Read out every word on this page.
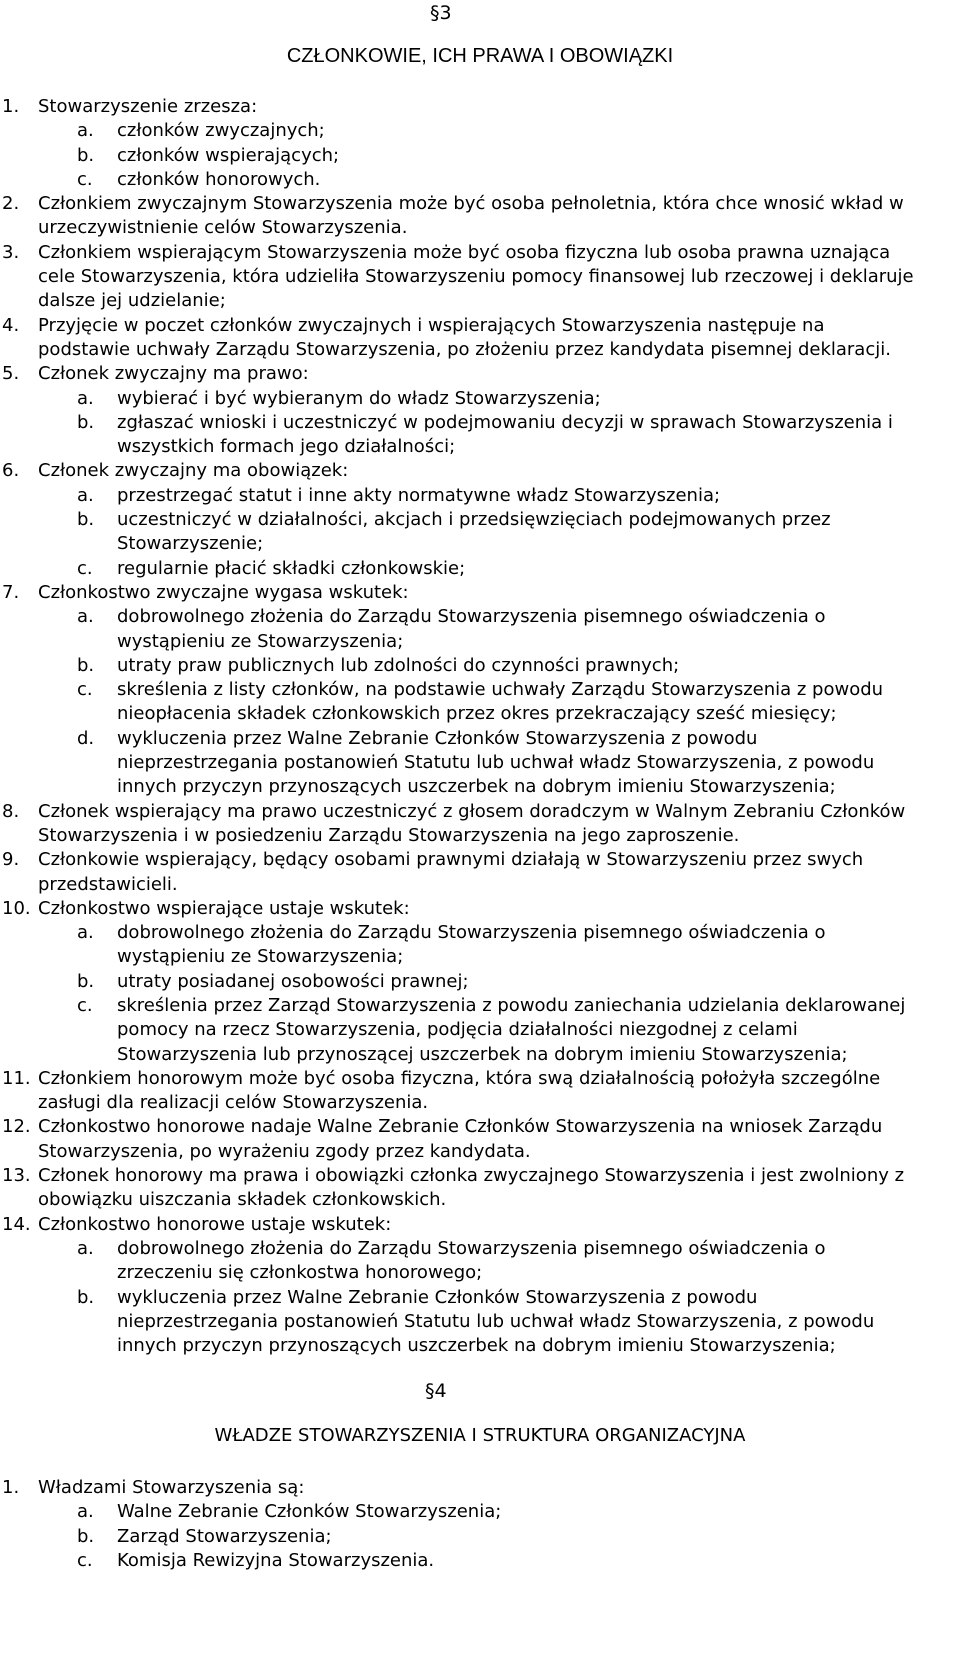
§3
CZŁONKOWIE, ICH PRAWA I OBOWIĄZKI
1. Stowarzyszenie zrzesza:
a.	członków zwyczajnych;
b.	członków wspierających;
c.	członków honorowych.
2. Członkiem zwyczajnym Stowarzyszenia może być osoba pełnoletnia, która chce wnosić wkład w urzeczywistnienie celów Stowarzyszenia.
3. Członkiem wspierającym Stowarzyszenia może być osoba fizyczna lub osoba prawna uznająca cele Stowarzyszenia, która udzieliła Stowarzyszeniu pomocy finansowej lub rzeczowej i deklaruje dalsze jej udzielanie;
4. Przyjęcie w poczet członków zwyczajnych i wspierających Stowarzyszenia następuje na podstawie uchwały Zarządu Stowarzyszenia, po złożeniu przez kandydata pisemnej deklaracji.
5. Członek zwyczajny ma prawo:
a.	wybierać i być wybieranym do władz Stowarzyszenia;
b.	zgłaszać wnioski i uczestniczyć w podejmowaniu decyzji w sprawach Stowarzyszenia i wszystkich formach jego działalności;
6. Członek zwyczajny ma obowiązek:
a.	przestrzegać statut i inne akty normatywne władz Stowarzyszenia;
b.	uczestniczyć w działalności, akcjach i przedsięwzięciach podejmowanych przez Stowarzyszenie;
c.	regularnie płacić składki członkowskie;
7. Członkostwo zwyczajne wygasa wskutek:
a.	dobrowolnego złożenia do Zarządu Stowarzyszenia pisemnego oświadczenia o wystąpieniu ze Stowarzyszenia;
b.	utraty praw publicznych lub zdolności do czynności prawnych;
c.	skreślenia z listy członków, na podstawie uchwały Zarządu Stowarzyszenia z powodu nieopłacenia składek członkowskich przez okres przekraczający sześć miesięcy;
d.	wykluczenia przez Walne Zebranie Członków Stowarzyszenia z powodu nieprzestrzegania postanowień Statutu lub uchwał władz Stowarzyszenia, z powodu innych przyczyn przynoszących uszczerbek na dobrym imieniu Stowarzyszenia;
8. Członek wspierający ma prawo uczestniczyć z głosem doradczym w Walnym Zebraniu Członków Stowarzyszenia i w posiedzeniu Zarządu Stowarzyszenia na jego zaproszenie.
9. Członkowie wspierający, będący osobami prawnymi działają w Stowarzyszeniu przez swych przedstawicieli.
10. Członkostwo wspierające ustaje wskutek:
a.	dobrowolnego złożenia do Zarządu Stowarzyszenia pisemnego oświadczenia o wystąpieniu ze Stowarzyszenia;
b.	utraty posiadanej osobowości prawnej;
c.	skreślenia przez Zarząd Stowarzyszenia z powodu zaniechania udzielania deklarowanej pomocy na rzecz Stowarzyszenia, podjęcia działalności niezgodnej z celami Stowarzyszenia lub przynoszącej uszczerbek na dobrym imieniu Stowarzyszenia;
11. Członkiem honorowym może być osoba fizyczna, która swą działalnością położyła szczególne zasługi dla realizacji celów Stowarzyszenia.
12. Członkostwo honorowe nadaje Walne Zebranie Członków Stowarzyszenia na wniosek Zarządu Stowarzyszenia, po wyrażeniu zgody przez kandydata.
13. Członek honorowy ma prawa i obowiązki członka zwyczajnego Stowarzyszenia i jest zwolniony z obowiązku uiszczania składek członkowskich.
14. Członkostwo honorowe ustaje wskutek:
a.	dobrowolnego złożenia do Zarządu Stowarzyszenia pisemnego oświadczenia o zrzeczeniu się członkostwa honorowego;
b.	wykluczenia przez Walne Zebranie Członków Stowarzyszenia z powodu nieprzestrzegania postanowień Statutu lub uchwał władz Stowarzyszenia, z powodu innych przyczyn przynoszących uszczerbek na dobrym imieniu Stowarzyszenia;
§4
WŁADZE STOWARZYSZENIA I STRUKTURA ORGANIZACYJNA
1. Władzami Stowarzyszenia są:
a.	Walne Zebranie Członków Stowarzyszenia;
b.	Zarząd Stowarzyszenia;
c.	Komisja Rewizyjna Stowarzyszenia.
